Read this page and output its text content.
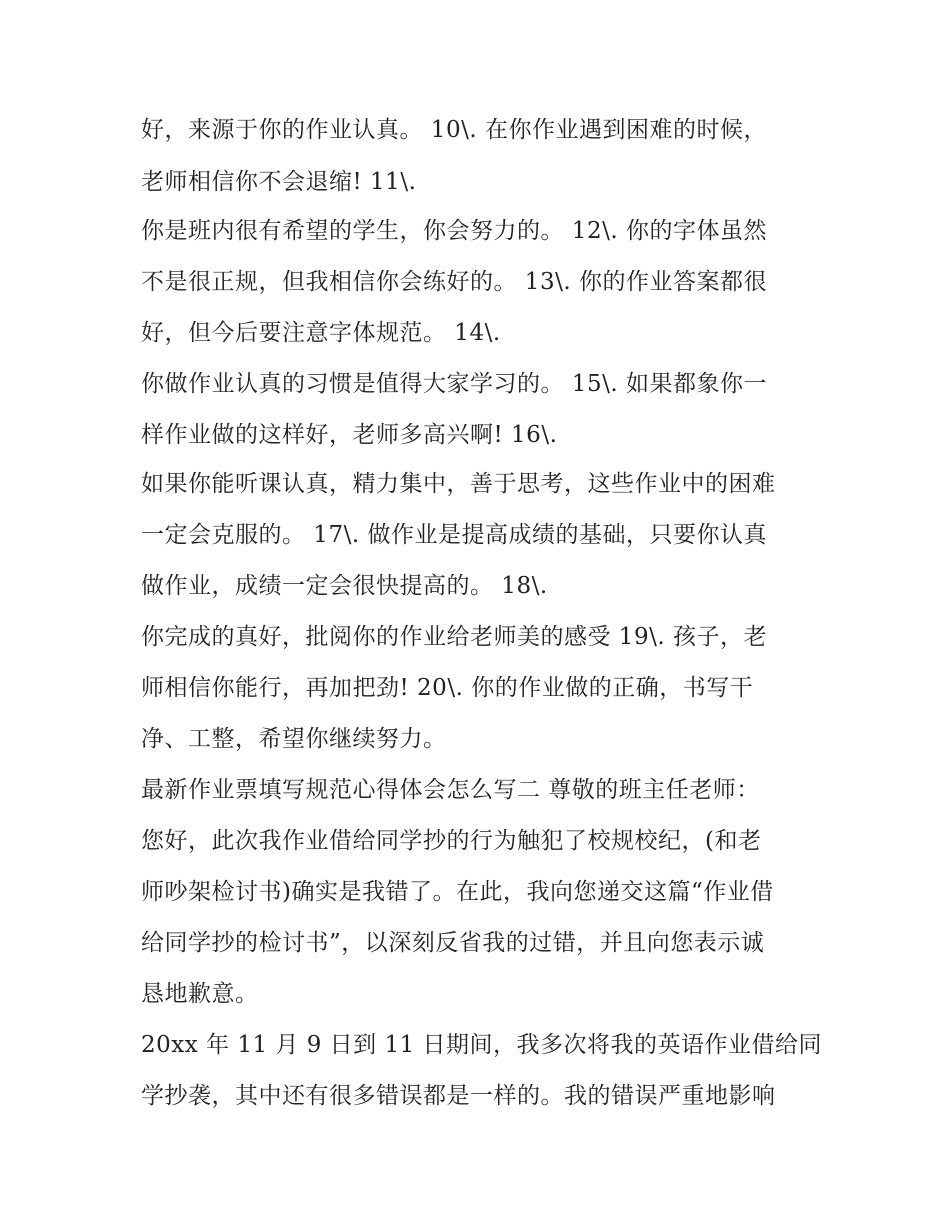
好，来源于你的作业认真。 10\. 在你作业遇到困难的时候，
老师相信你不会退缩! 11\.
你是班内很有希望的学生，你会努力的。 12\. 你的字体虽然
不是很正规，但我相信你会练好的。 13\. 你的作业答案都很
好，但今后要注意字体规范。 14\.
你做作业认真的习惯是值得大家学习的。 15\. 如果都象你一
样作业做的这样好，老师多高兴啊! 16\.
如果你能听课认真，精力集中，善于思考，这些作业中的困难
一定会克服的。 17\. 做作业是提高成绩的基础，只要你认真
做作业，成绩一定会很快提高的。 18\.
你完成的真好，批阅你的作业给老师美的感受 19\. 孩子，老
师相信你能行，再加把劲! 20\. 你的作业做的正确，书写干
净、工整，希望你继续努力。
最新作业票填写规范心得体会怎么写二 尊敬的班主任老师：
您好，此次我作业借给同学抄的行为触犯了校规校纪，(和老
师吵架检讨书)确实是我错了。在此，我向您递交这篇“作业借
给同学抄的检讨书”，以深刻反省我的过错，并且向您表示诚
恳地歉意。
20xx 年 11 月 9 日到 11 日期间，我多次将我的英语作业借给同
学抄袭，其中还有很多错误都是一样的。我的错误严重地影响
